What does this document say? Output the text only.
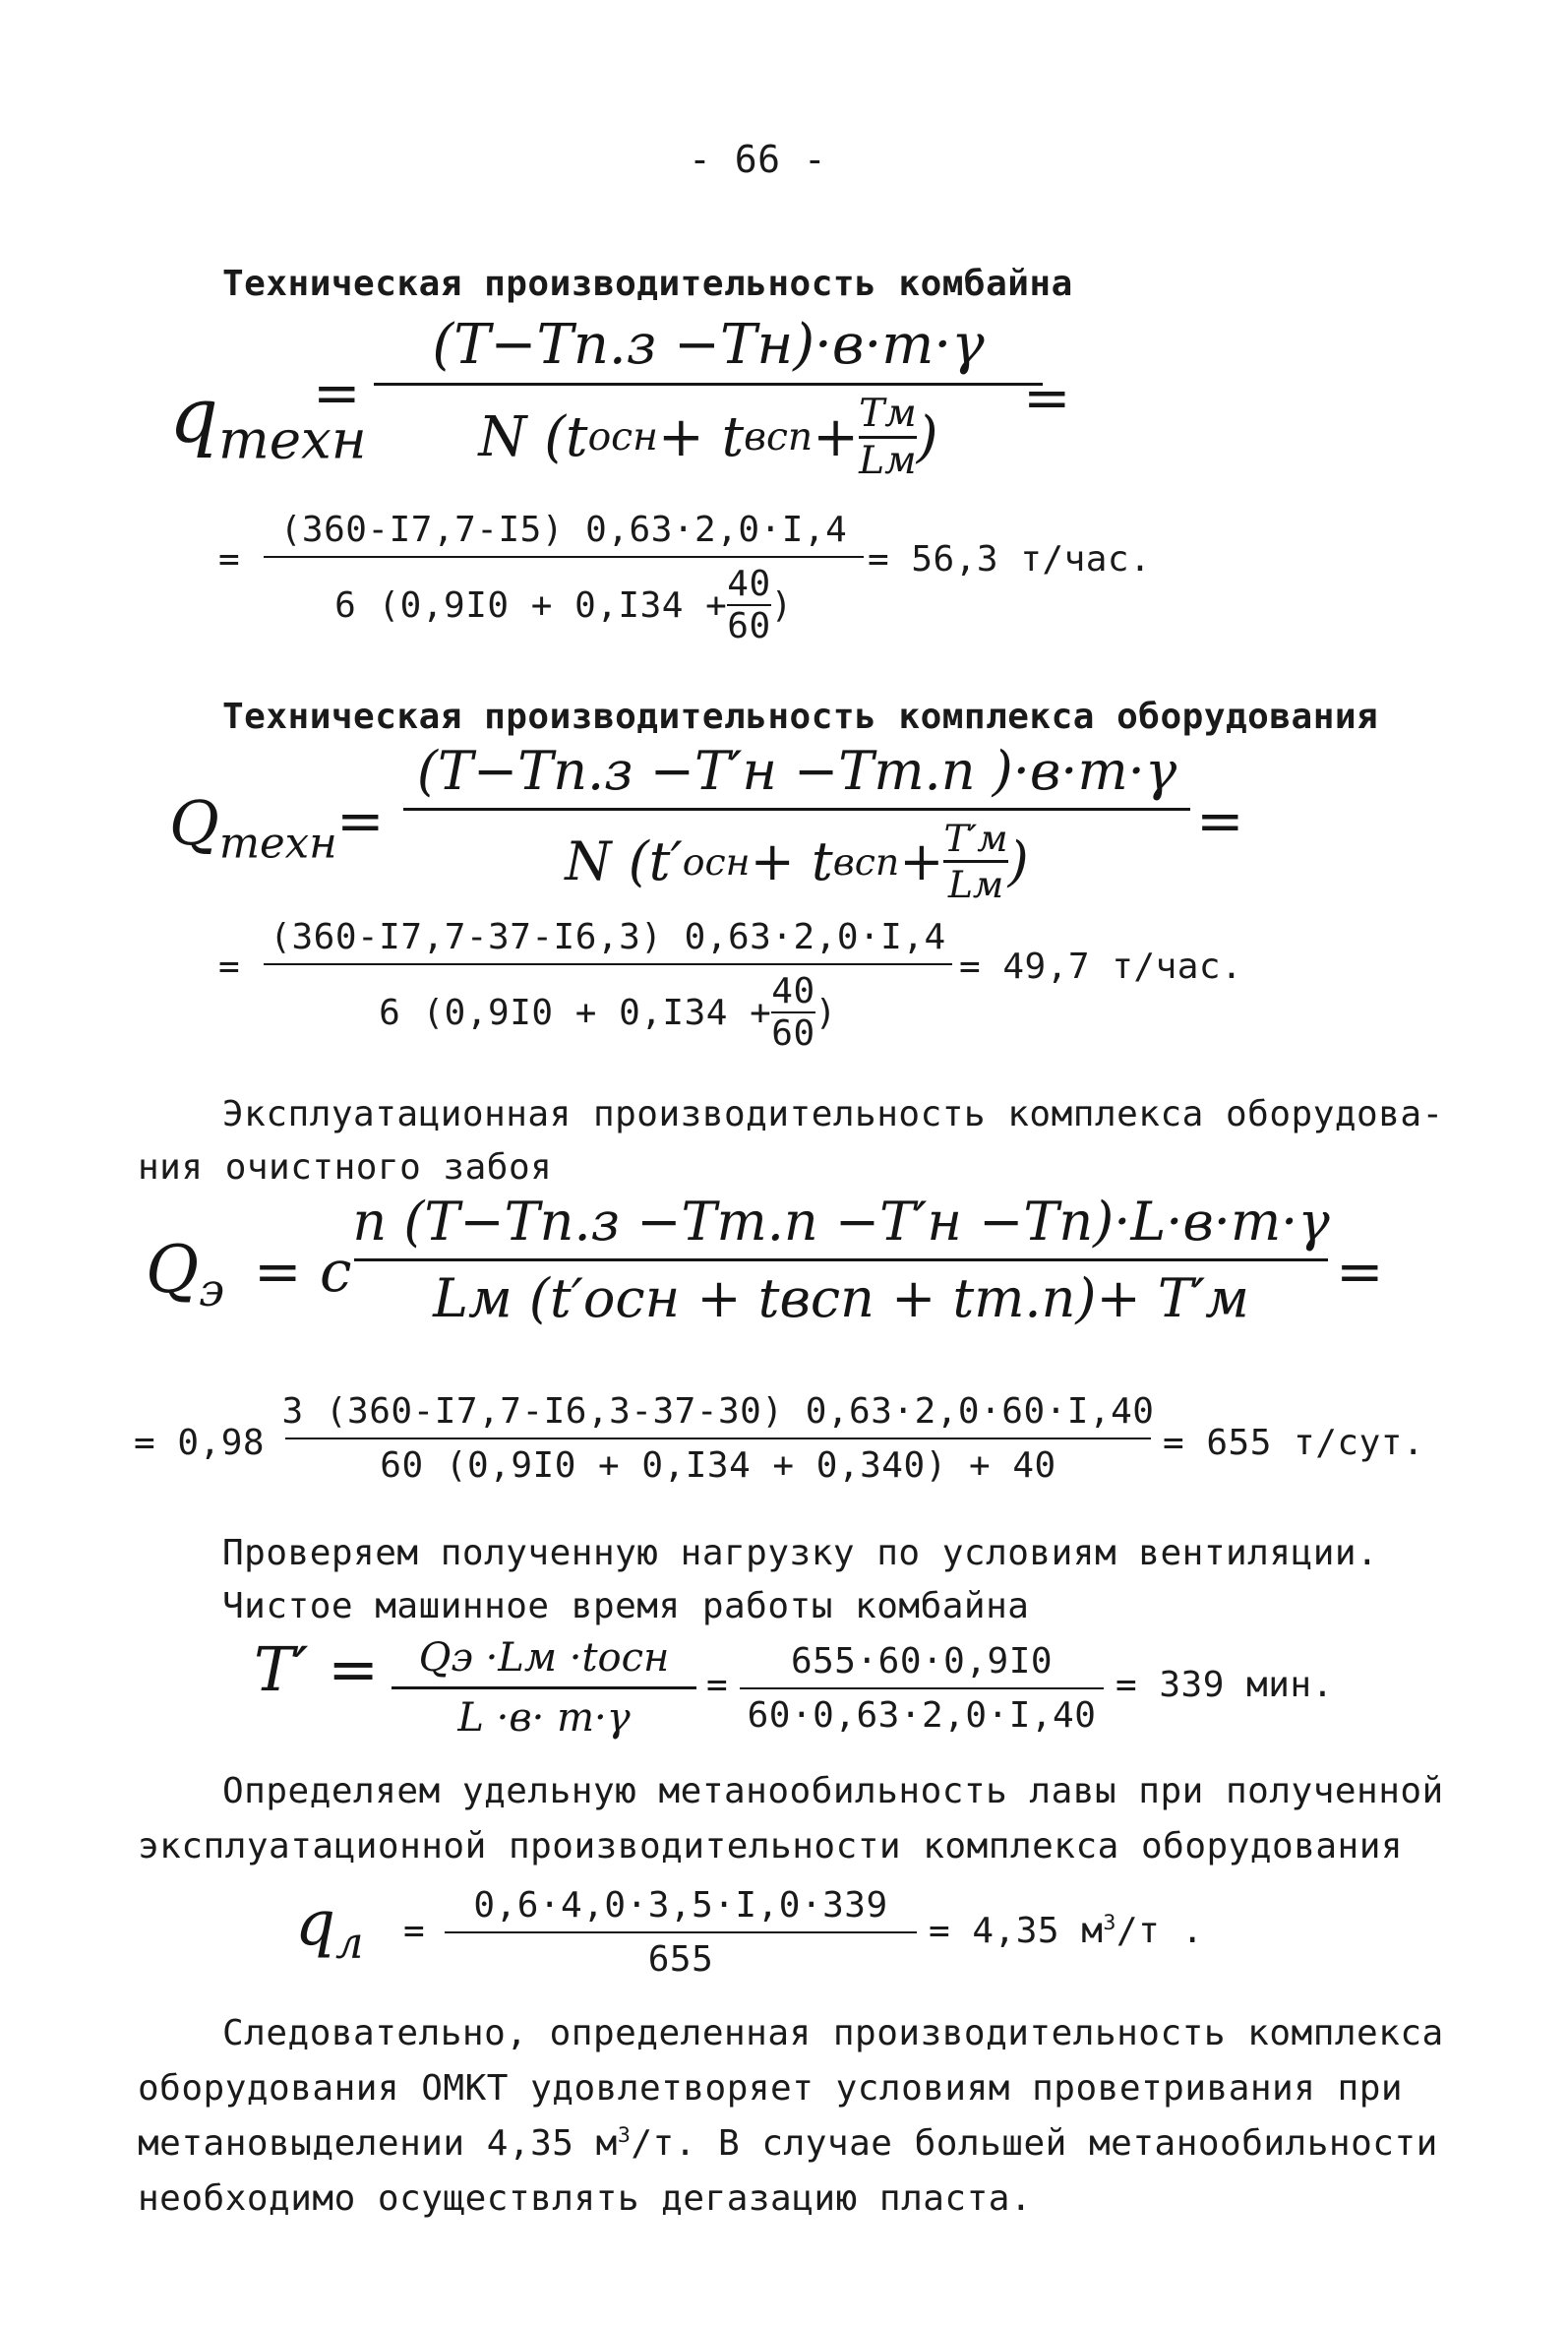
- 66 -
Техническая производительность комбайна
$q_{техн}$
=
(T−Tп.з −Tн)·в·m·γ
N (t осн + t всп + Tм
Lм )
=
=
(360-I7,7-I5) 0,63·2,0·I,4
6 (0,9I0 + 0,I34 +
40
60
)
= 56,3 т/час.
Техническая производительность комплекса оборудования
$Q_{техн}$ =
(T−Tп.з −T′н −Tт.п )·в·m·γ
N (t′ осн + t всп + T′м
Lм )
=
=
(360-I7,7-37-I6,3) 0,63·2,0·I,4
6 (0,9I0 + 0,I34 +
40
60
)
= 49,7 т/час.
Эксплуатационная производительность комплекса оборудова-
ния очистного забоя
$Q_э = c$
n (T−Tп.з −Tт.п −T′н −Tп)·L·в·m·γ
Lм (t′осн + tвсп + tт.п)+ T′м =
= 0,98
3 (360-I7,7-I6,3-37-30) 0,63·2,0·60·I,40
60 (0,9I0 + 0,I34 + 0,340) + 40
= 655 т/сут.
Проверяем полученную нагрузку по условиям вентиляции.
Чистое машинное время работы комбайна
T′ = Qэ ·Lм ·tосн
L ·в· m·γ
=
655·60·0,9I0
60·0,63·2,0·I,40
= 339 мин.
Определяем удельную метанообильность лавы при полученной
эксплуатационной производительности комплекса оборудования
$q_л$ =
0,6·4,0·3,5·I,0·339
655
= 4,35 $м^3/т$ .
Следовательно, определенная производительность комплекса
оборудования ОМКТ удовлетворяет условиям проветривания при
метановыделении 4,35 $м^3/т$. В случае большей метанообильности
необходимо осуществлять дегазацию пласта.
